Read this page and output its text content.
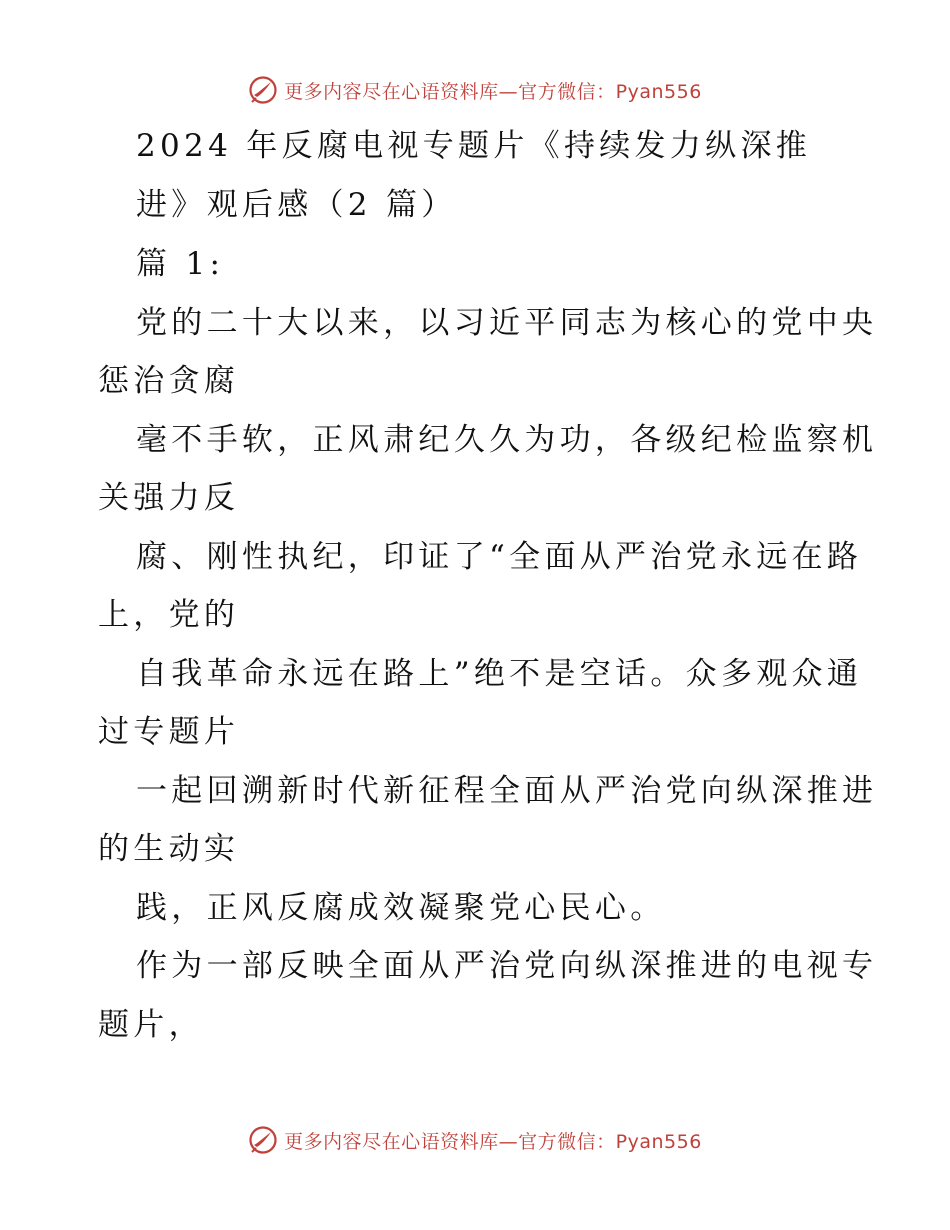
更多内容尽在心语资料库—官方微信：Pyan556
2024 年反腐电视专题片《持续发力纵深推
进》观后感（2 篇）
篇 1:
党的二十大以来，以习近平同志为核心的党中央
惩治贪腐
毫不手软，正风肃纪久久为功，各级纪检监察机
关强力反
腐、刚性执纪，印证了“全面从严治党永远在路
上，党的
自我革命永远在路上”绝不是空话。众多观众通
过专题片
一起回溯新时代新征程全面从严治党向纵深推进
的生动实
践，正风反腐成效凝聚党心民心。
作为一部反映全面从严治党向纵深推进的电视专
题片，
更多内容尽在心语资料库—官方微信：Pyan556
